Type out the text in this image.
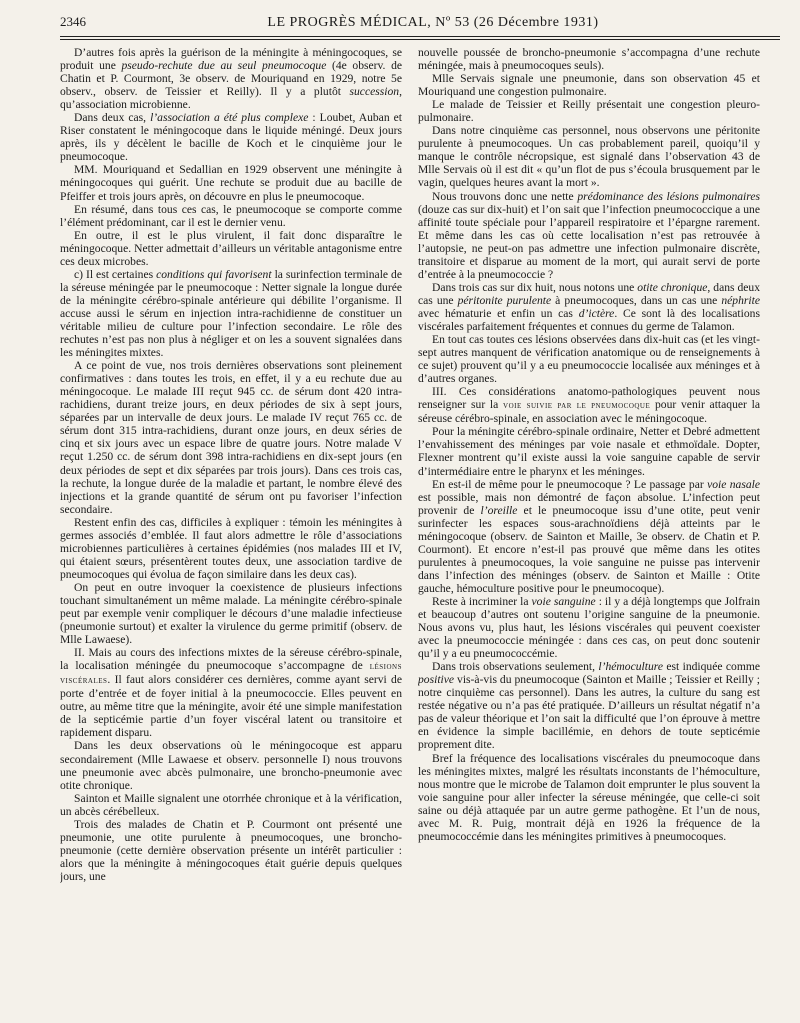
2346	LE PROGRÈS MÉDICAL, Nº 53 (26 Décembre 1931)

D’autres fois après la guérison de la méningite à méningocoques, se produit une pseudo-rechute due au seul pneumocoque (4e observ. de Chatin et P. Courmont, 3e observ. de Mouriquand en 1929, notre 5e observ., observ. de Teissier et Reilly). Il y a plutôt succession, qu’association microbienne.

Dans deux cas, l’association a été plus complexe : Loubet, Auban et Riser constatent le méningocoque dans le liquide méningé. Deux jours après, ils y décèlent le bacille de Koch et le cinquième jour le pneumocoque.

MM. Mouriquand et Sedallian en 1929 observent une méningite à méningocoques qui guérit. Une rechute se produit due au bacille de Pfeiffer et trois jours après, on découvre en plus le pneumocoque.

En résumé, dans tous ces cas, le pneumocoque se comporte comme l’élément prédominant, car il est le dernier venu.

En outre, il est le plus virulent, il fait donc disparaître le méningocoque. Netter admettait d’ailleurs un véritable antagonisme entre ces deux microbes.

c) Il est certaines conditions qui favorisent la surinfection terminale de la séreuse méningée par le pneumocoque : Netter signale la longue durée de la méningite cérébro-spinale antérieure qui débilite l’organisme. Il accuse aussi le sérum en injection intra-rachidienne de constituer un véritable milieu de culture pour l’infection secondaire. Le rôle des rechutes n’est pas non plus à négliger et on les a souvent signalées dans les méningites mixtes.

A ce point de vue, nos trois dernières observations sont pleinement confirmatives : dans toutes les trois, en effet, il y a eu rechute due au méningocoque. Le malade III reçut 945 cc. de sérum dont 420 intra-rachidiens, durant treize jours, en deux périodes de six à sept jours, séparées par un intervalle de deux jours. Le malade IV reçut 765 cc. de sérum dont 315 intra-rachidiens, durant onze jours, en deux séries de cinq et six jours avec un espace libre de quatre jours. Notre malade V reçut 1.250 cc. de sérum dont 398 intra-rachidiens en dix-sept jours (en deux périodes de sept et dix séparées par trois jours). Dans ces trois cas, la rechute, la longue durée de la maladie et partant, le nombre élevé des injections et la grande quantité de sérum ont pu favoriser l’infection secondaire.

Restent enfin des cas, difficiles à expliquer : témoin les méningites à germes associés d’emblée. Il faut alors admettre le rôle d’associations microbiennes particulières à certaines épidémies (nos malades III et IV, qui étaient sœurs, présentèrent toutes deux, une association tardive de pneumocoques qui évolua de façon similaire dans les deux cas).

On peut en outre invoquer la coexistence de plusieurs infections touchant simultanément un même malade. La méningite cérébro-spinale peut par exemple venir compliquer le décours d’une maladie infectieuse (pneumonie surtout) et exalter la virulence du germe primitif (observ. de Mlle Lawaese).

II. Mais au cours des infections mixtes de la séreuse cérébro-spinale, la localisation méningée du pneumocoque s’accompagne de lésions viscérales. Il faut alors considérer ces dernières, comme ayant servi de porte d’entrée et de foyer initial à la pneumococcie. Elles peuvent en outre, au même titre que la méningite, avoir été une simple manifestation de la septicémie partie d’un foyer viscéral latent ou transitoire et rapidement disparu.

Dans les deux observations où le méningocoque est apparu secondairement (Mlle Lawaese et observ. personnelle I) nous trouvons une pneumonie avec abcès pulmonaire, une broncho-pneumonie avec otite chronique.

Sainton et Maille signalent une otorrhée chronique et à la vérification, un abcès cérébelleux.

Trois des malades de Chatin et P. Courmont ont présenté une pneumonie, une otite purulente à pneumocoques, une broncho-pneumonie (cette dernière observation présente un intérêt particulier : alors que la méningite à méningocoques était guérie depuis quelques jours, une

nouvelle poussée de broncho-pneumonie s’accompagna d’une rechute méningée, mais à pneumocoques seuls).

Mlle Servais signale une pneumonie, dans son observation 45 et Mouriquand une congestion pulmonaire.

Le malade de Teissier et Reilly présentait une congestion pleuro-pulmonaire.

Dans notre cinquième cas personnel, nous observons une péritonite purulente à pneumocoques. Un cas probablement pareil, quoiqu’il y manque le contrôle nécropsique, est signalé dans l’observation 43 de Mlle Servais où il est dit « qu’un flot de pus s’écoula brusquement par le vagin, quelques heures avant la mort ».

Nous trouvons donc une nette prédominance des lésions pulmonaires (douze cas sur dix-huit) et l’on sait que l’infection pneumococcique a une affinité toute spéciale pour l’appareil respiratoire et l’épargne rarement. Et même dans les cas où cette localisation n’est pas retrouvée à l’autopsie, ne peut-on pas admettre une infection pulmonaire discrète, transitoire et disparue au moment de la mort, qui aurait servi de porte d’entrée à la pneumococcie ?

Dans trois cas sur dix huit, nous notons une otite chronique, dans deux cas une péritonite purulente à pneumocoques, dans un cas une néphrite avec hématurie et enfin un cas d’ictère. Ce sont là des localisations viscérales parfaitement fréquentes et connues du germe de Talamon.

En tout cas toutes ces lésions observées dans dix-huit cas (et les vingt-sept autres manquent de vérification anatomique ou de renseignements à ce sujet) prouvent qu’il y a eu pneumococcie localisée aux méninges et à d’autres organes.

III. Ces considérations anatomo-pathologiques peuvent nous renseigner sur la voie suivie par le pneumocoque pour venir attaquer la séreuse cérébro-spinale, en association avec le méningocoque.

Pour la méningite cérébro-spinale ordinaire, Netter et Debré admettent l’envahissement des méninges par voie nasale et ethmoïdale. Dopter, Flexner montrent qu’il existe aussi la voie sanguine capable de servir d’intermédiaire entre le pharynx et les méninges.

En est-il de même pour le pneumocoque ? Le passage par voie nasale est possible, mais non démontré de façon absolue. L’infection peut provenir de l’oreille et le pneumocoque issu d’une otite, peut venir surinfecter les espaces sous-arachnoïdiens déjà atteints par le méningocoque (observ. de Sainton et Maille, 3e observ. de Chatin et P. Courmont). Et encore n’est-il pas prouvé que même dans les otites purulentes à pneumocoques, la voie sanguine ne puisse pas intervenir dans l’infection des méninges (observ. de Sainton et Maille : Otite gauche, hémoculture positive pour le pneumocoque).

Reste à incriminer la voie sanguine : il y a déjà longtemps que Jolfrain et beaucoup d’autres ont soutenu l’origine sanguine de la pneumonie. Nous avons vu, plus haut, les lésions viscérales qui peuvent coexister avec la pneumococcie méningée : dans ces cas, on peut donc soutenir qu’il y a eu pneumococcémie.

Dans trois observations seulement, l’hémoculture est indiquée comme positive vis-à-vis du pneumocoque (Sainton et Maille ; Teissier et Reilly ; notre cinquième cas personnel). Dans les autres, la culture du sang est restée négative ou n’a pas été pratiquée. D’ailleurs un résultat négatif n’a pas de valeur théorique et l’on sait la difficulté que l’on éprouve à mettre en évidence la simple bacillémie, en dehors de toute septicémie proprement dite.

Bref la fréquence des localisations viscérales du pneumocoque dans les méningites mixtes, malgré les résultats inconstants de l’hémoculture, nous montre que le microbe de Talamon doit emprunter le plus souvent la voie sanguine pour aller infecter la séreuse méningée, que celle-ci soit saine ou déjà attaquée par un autre germe pathogène. Et l’un de nous, avec M. R. Puig, montrait déjà en 1926 la fréquence de la pneumococcémie dans les méningites primitives à pneumocoques.
